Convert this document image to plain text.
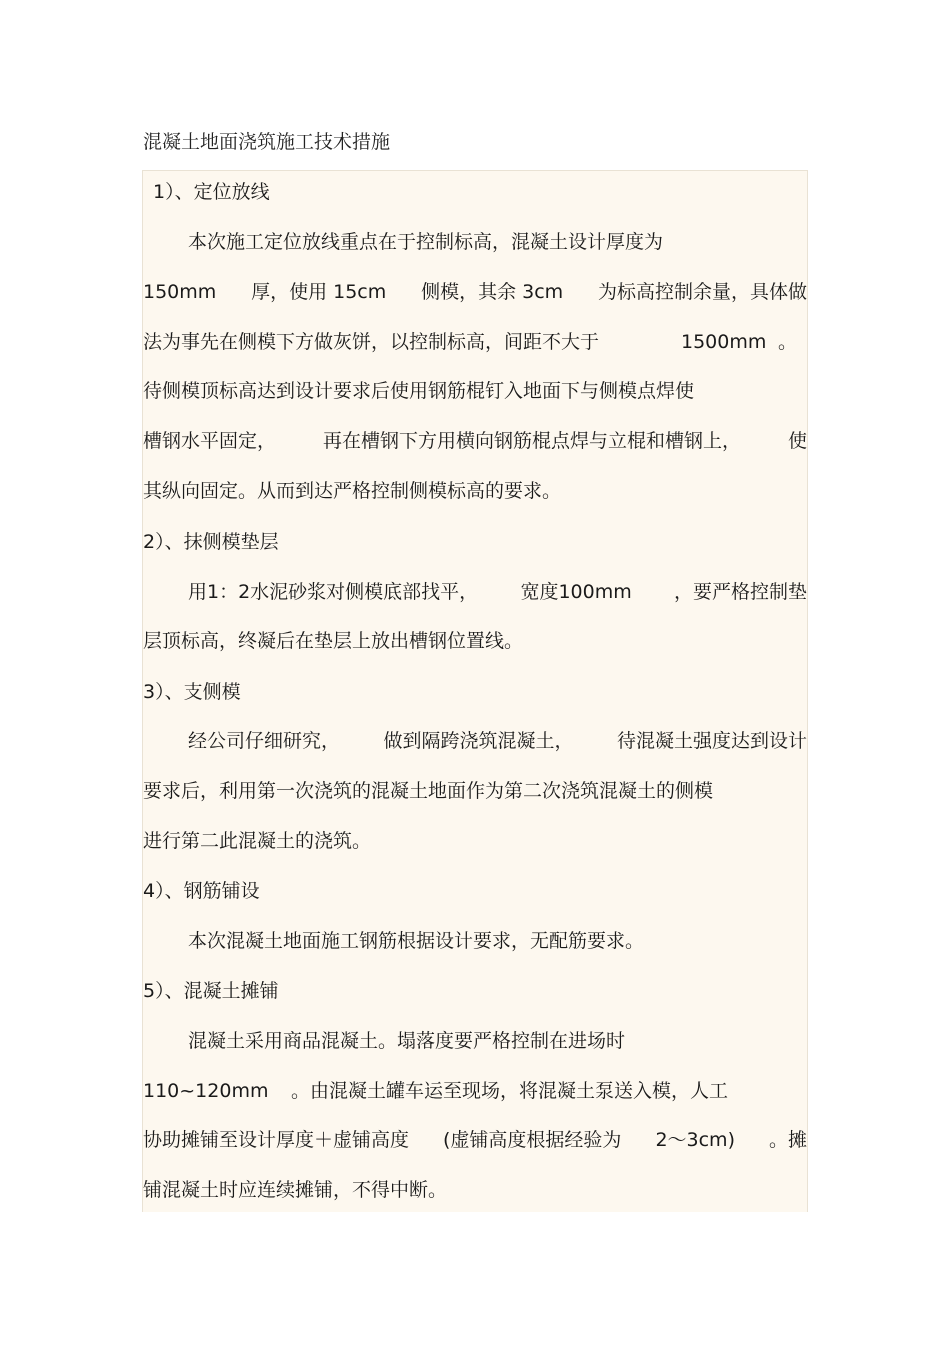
混凝土地面浇筑施工技术措施
1）、定位放线
本次施工定位放线重点在于控制标高，混凝土设计厚度为
150mm 厚，使用 15cm 侧模，其余 3cm 为标高控制余量，具体做
法为事先在侧模下方做灰饼，以控制标高，间距不大于	1500mm 。
待侧模顶标高达到设计要求后使用钢筋棍钉入地面下与侧模点焊使
槽钢水平固定， 再在槽钢下方用横向钢筋棍点焊与立棍和槽钢上， 使
其纵向固定。从而到达严格控制侧模标高的要求。
2）、抹侧模垫层
用1：2水泥砂浆对侧模底部找平， 宽度100mm ，要严格控制垫
层顶标高，终凝后在垫层上放出槽钢位置线。
3）、支侧模
经公司仔细研究， 做到隔跨浇筑混凝土， 待混凝土强度达到设计
要求后，利用第一次浇筑的混凝土地面作为第二次浇筑混凝土的侧模
进行第二此混凝土的浇筑。
4）、钢筋铺设
本次混凝土地面施工钢筋根据设计要求，无配筋要求。
5）、混凝土摊铺
混凝土采用商品混凝土。塌落度要严格控制在进场时
110~120mm 。由混凝土罐车运至现场，将混凝土泵送入模，人工
协助摊铺至设计厚度＋虚铺高度 (虚铺高度根据经验为 2～3cm) 。摊
铺混凝土时应连续摊铺，不得中断。
